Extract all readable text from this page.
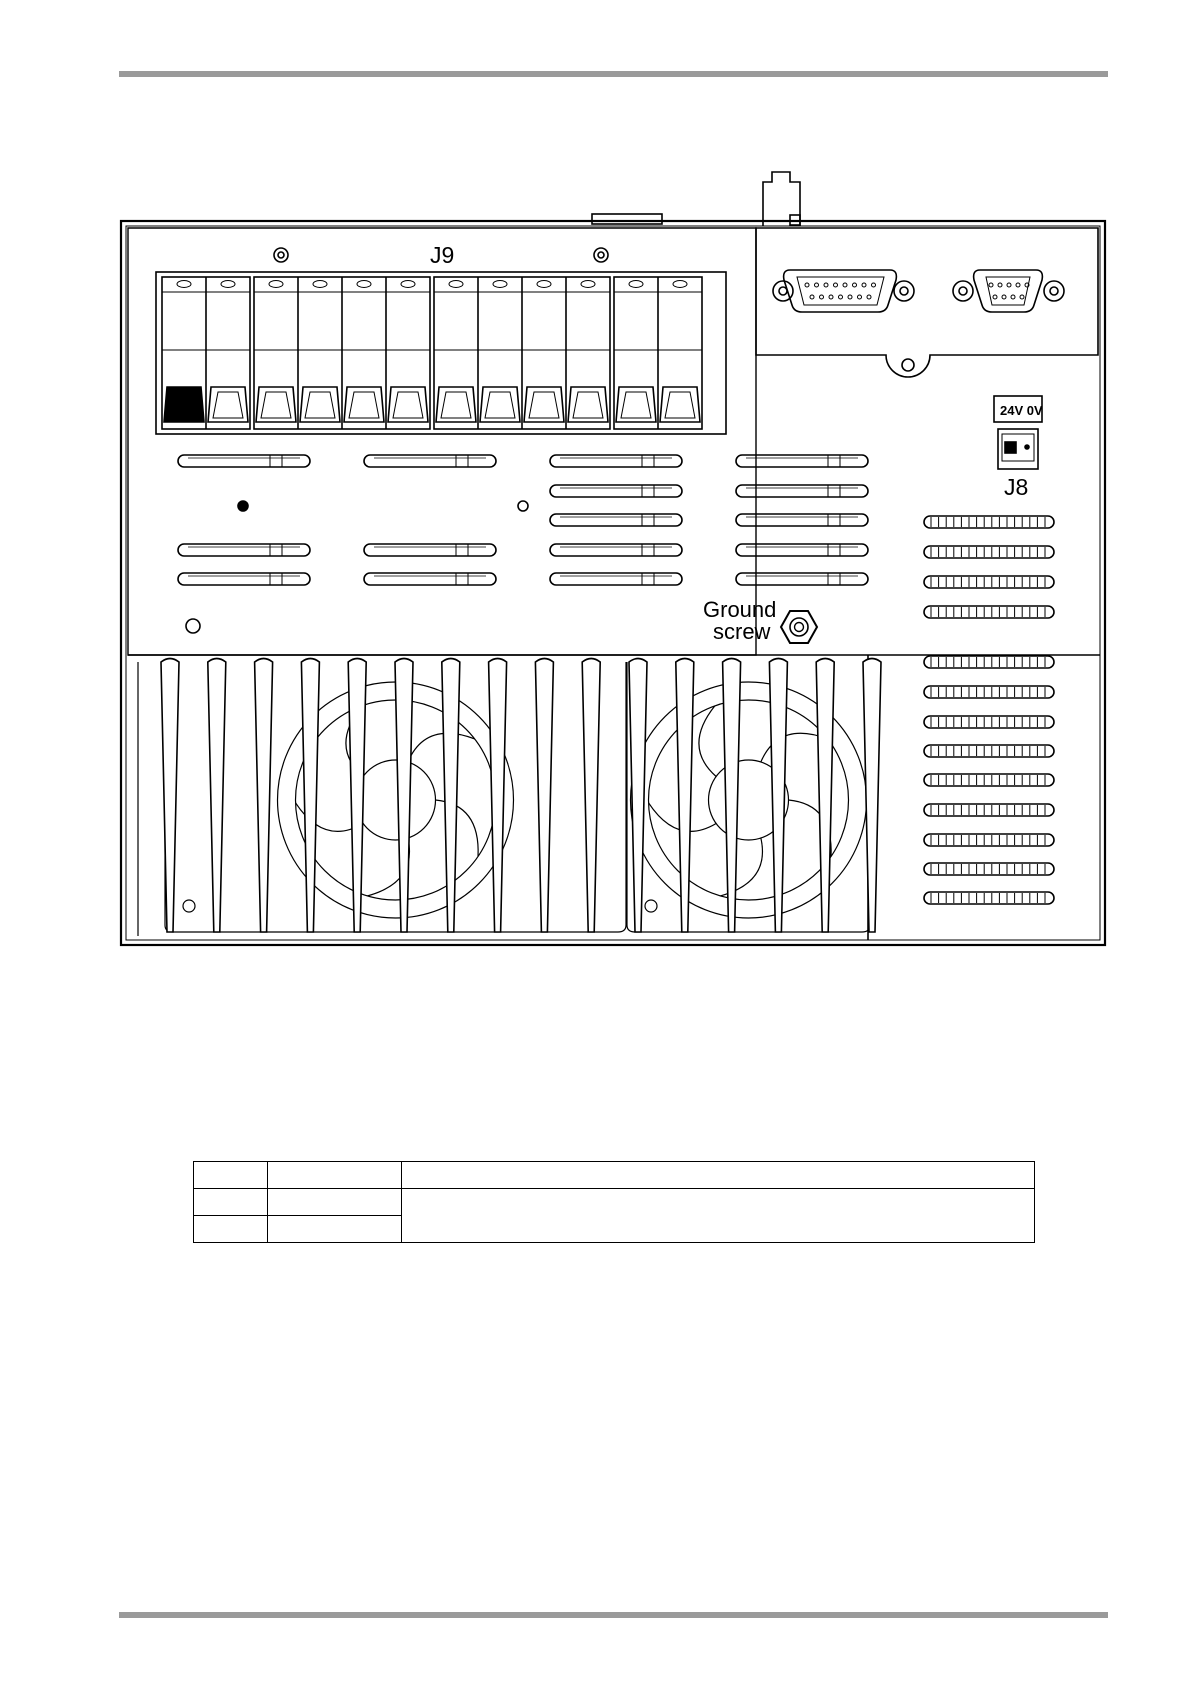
J9
J8
24V 0V
Ground
screw
